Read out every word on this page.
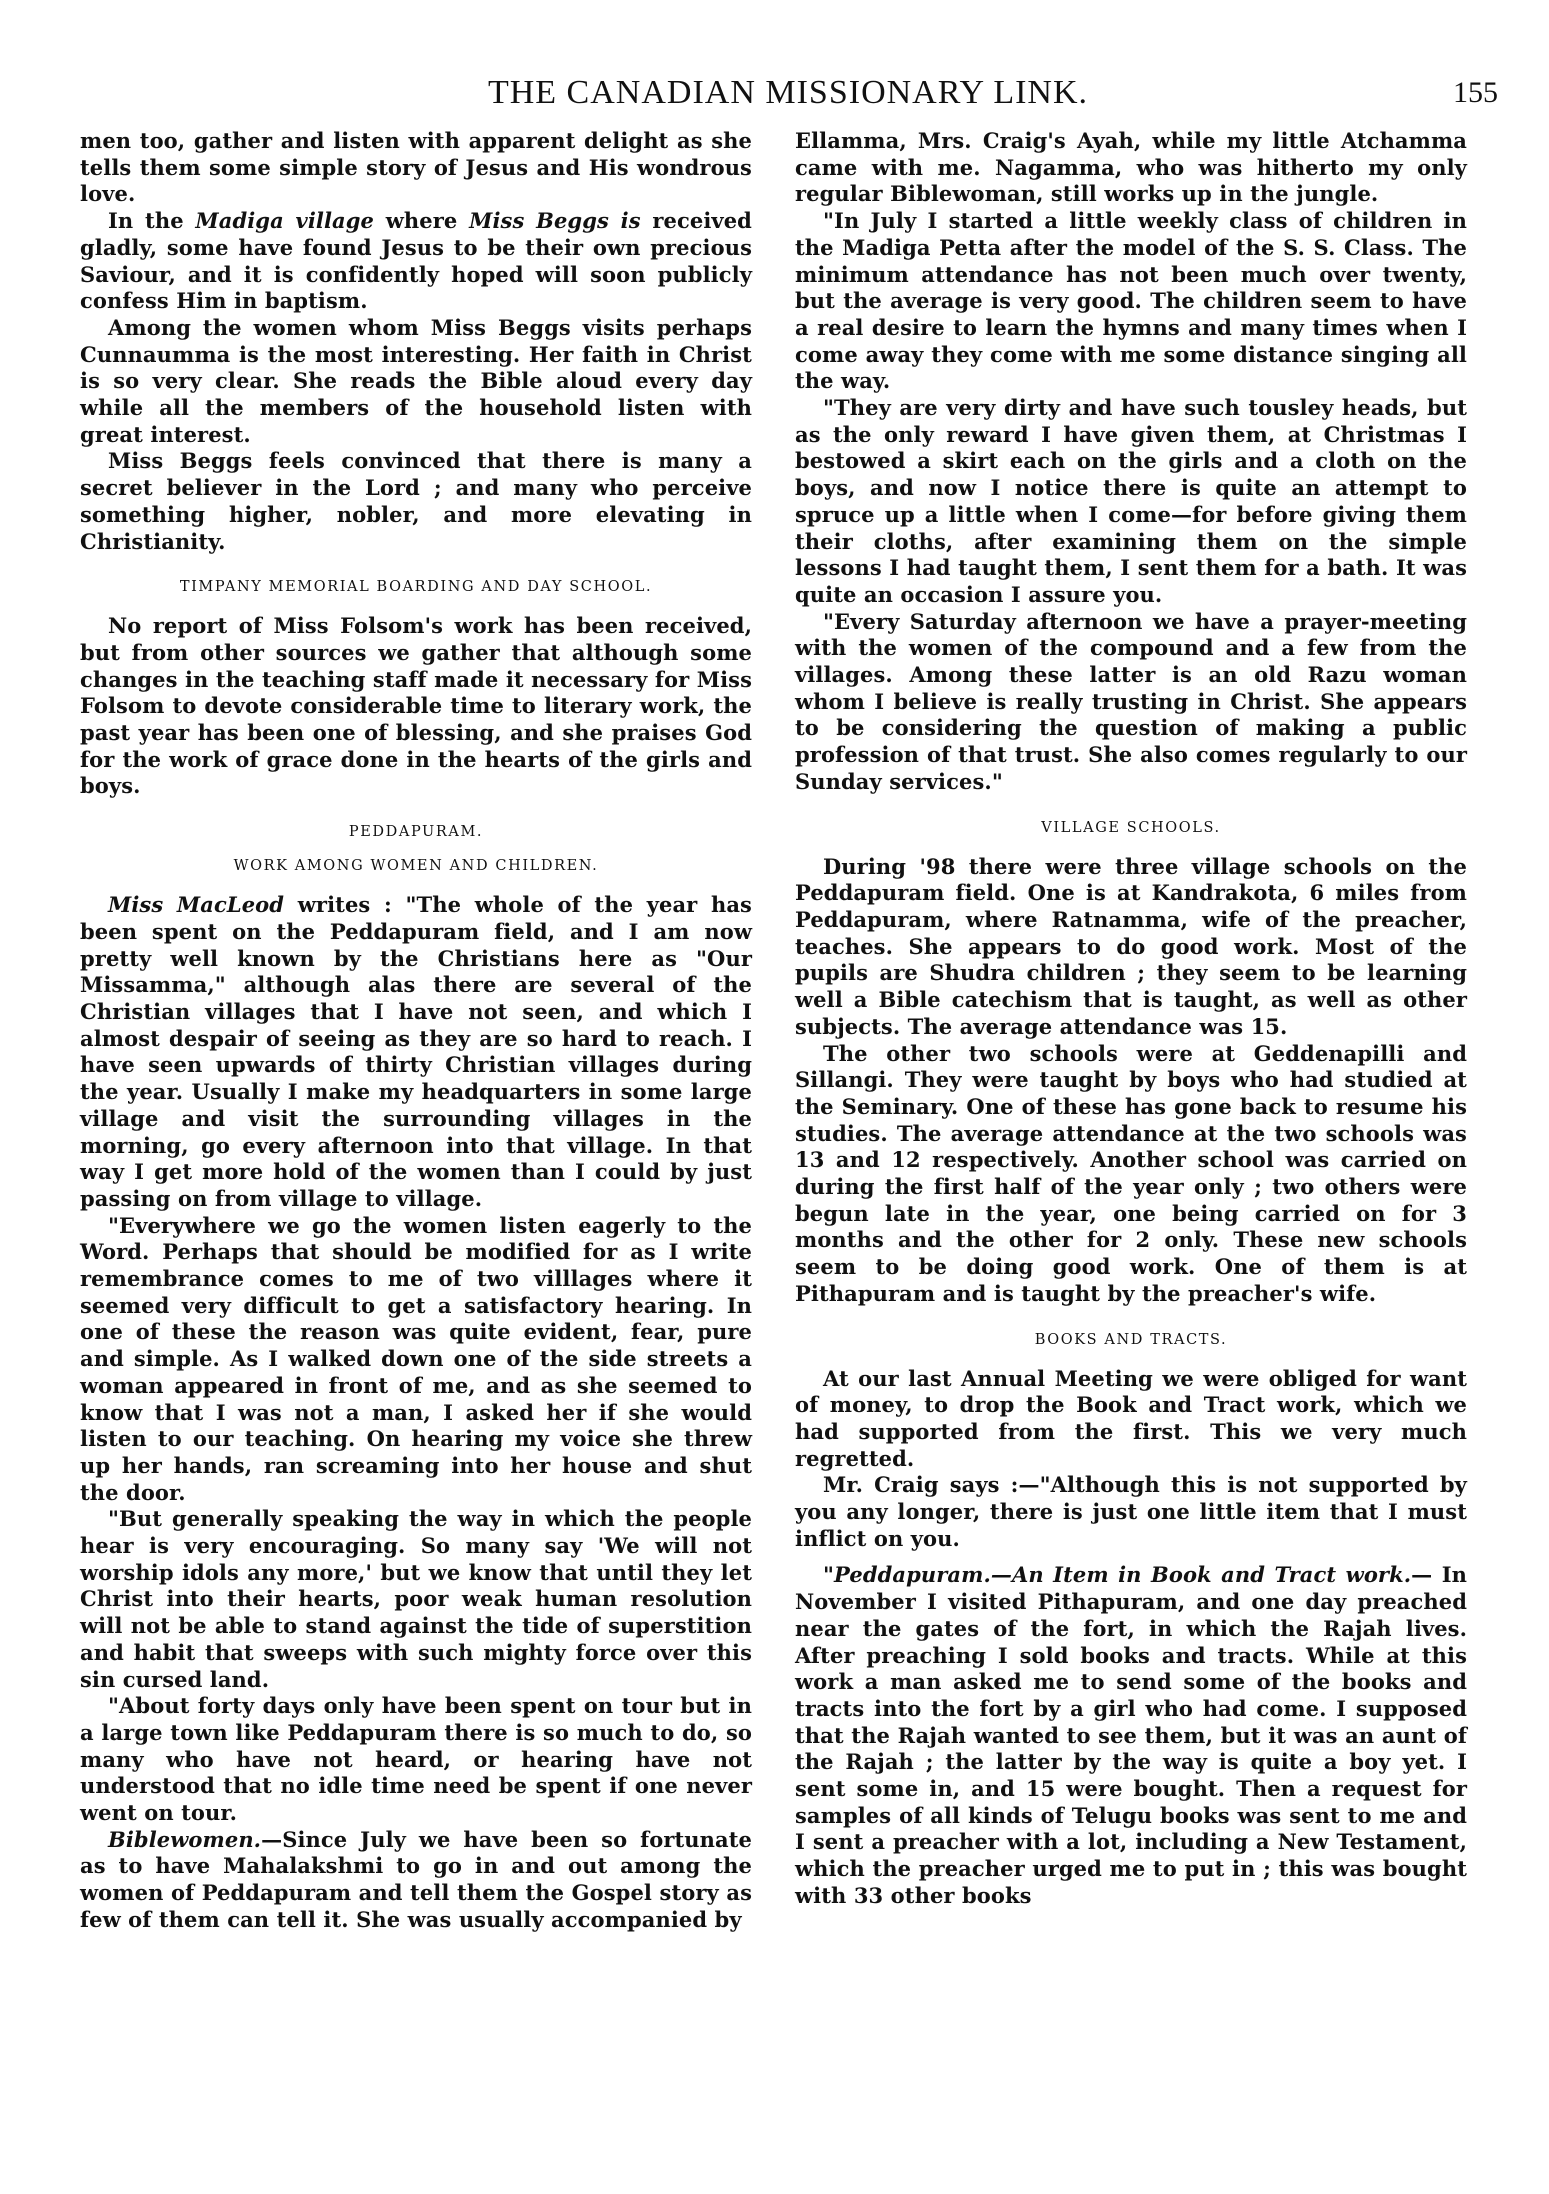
THE CANADIAN MISSIONARY LINK.	155

men too, gather and listen with apparent delight as she tells them some simple story of Jesus and His wondrous love.

In the Madiga village where Miss Beggs is received gladly, some have found Jesus to be their own precious Saviour, and it is confidently hoped will soon publicly confess Him in baptism.

Among the women whom Miss Beggs visits perhaps Cunnaumma is the most interesting. Her faith in Christ is so very clear. She reads the Bible aloud every day while all the members of the household listen with great interest.

Miss Beggs feels convinced that there is many a secret believer in the Lord ; and many who perceive something higher, nobler, and more elevating in Christianity.

TIMPANY MEMORIAL BOARDING AND DAY SCHOOL.

No report of Miss Folsom's work has been received, but from other sources we gather that although some changes in the teaching staff made it necessary for Miss Folsom to devote considerable time to literary work, the past year has been one of blessing, and she praises God for the work of grace done in the hearts of the girls and boys.

PEDDAPURAM.
WORK AMONG WOMEN AND CHILDREN.

Miss MacLeod writes : "The whole of the year has been spent on the Peddapuram field, and I am now pretty well known by the Christians here as "Our Missamma," although alas there are several of the Christian villages that I have not seen, and which I almost despair of seeing as they are so hard to reach. I have seen upwards of thirty Christian villages during the year. Usually I make my headquarters in some large village and visit the surrounding villages in the morning, go every afternoon into that village. In that way I get more hold of the women than I could by just passing on from village to village.

"Everywhere we go the women listen eagerly to the Word. Perhaps that should be modified for as I write remembrance comes to me of two villlages where it seemed very difficult to get a satisfactory hearing. In one of these the reason was quite evident, fear, pure and simple. As I walked down one of the side streets a woman appeared in front of me, and as she seemed to know that I was not a man, I asked her if she would listen to our teaching. On hearing my voice she threw up her hands, ran screaming into her house and shut the door.

"But generally speaking the way in which the people hear is very encouraging. So many say 'We will not worship idols any more,' but we know that until they let Christ into their hearts, poor weak human resolution will not be able to stand against the tide of superstition and habit that sweeps with such mighty force over this sin cursed land.

"About forty days only have been spent on tour but in a large town like Peddapuram there is so much to do, so many who have not heard, or hearing have not understood that no idle time need be spent if one never went on tour.

Biblewomen.—Since July we have been so fortunate as to have Mahalakshmi to go in and out among the women of Peddapuram and tell them the Gospel story as few of them can tell it. She was usually accompanied by

Ellamma, Mrs. Craig's Ayah, while my little Atchamma came with me. Nagamma, who was hitherto my only regular Biblewoman, still works up in the jungle.

"In July I started a little weekly class of children in the Madiga Petta after the model of the S. S. Class. The minimum attendance has not been much over twenty, but the average is very good. The children seem to have a real desire to learn the hymns and many times when I come away they come with me some distance singing all the way.

"They are very dirty and have such tousley heads, but as the only reward I have given them, at Christmas I bestowed a skirt each on the girls and a cloth on the boys, and now I notice there is quite an attempt to spruce up a little when I come—for before giving them their cloths, after examining them on the simple lessons I had taught them, I sent them for a bath. It was quite an occasion I assure you.

"Every Saturday afternoon we have a prayer-meeting with the women of the compound and a few from the villages. Among these latter is an old Razu woman whom I believe is really trusting in Christ. She appears to be considering the question of making a public profession of that trust. She also comes regularly to our Sunday services."

VILLAGE SCHOOLS.

During '98 there were three village schools on the Peddapuram field. One is at Kandrakota, 6 miles from Peddapuram, where Ratnamma, wife of the preacher, teaches. She appears to do good work. Most of the pupils are Shudra children ; they seem to be learning well a Bible catechism that is taught, as well as other subjects. The average attendance was 15.

The other two schools were at Geddenapilli and Sillangi. They were taught by boys who had studied at the Seminary. One of these has gone back to resume his studies. The average attendance at the two schools was 13 and 12 respectively. Another school was carried on during the first half of the year only ; two others were begun late in the year, one being carried on for 3 months and the other for 2 only. These new schools seem to be doing good work. One of them is at Pithapuram and is taught by the preacher's wife.

BOOKS AND TRACTS.

At our last Annual Meeting we were obliged for want of money, to drop the Book and Tract work, which we had supported from the first. This we very much regretted.

Mr. Craig says :—"Although this is not supported by you any longer, there is just one little item that I must inflict on you.

"Peddapuram.—An Item in Book and Tract work.— In November I visited Pithapuram, and one day preached near the gates of the fort, in which the Rajah lives. After preaching I sold books and tracts. While at this work a man asked me to send some of the books and tracts into the fort by a girl who had come. I supposed that the Rajah wanted to see them, but it was an aunt of the Rajah ; the latter by the way is quite a boy yet. I sent some in, and 15 were bought. Then a request for samples of all kinds of Telugu books was sent to me and I sent a preacher with a lot, including a New Testament, which the preacher urged me to put in ; this was bought with 33 other books
